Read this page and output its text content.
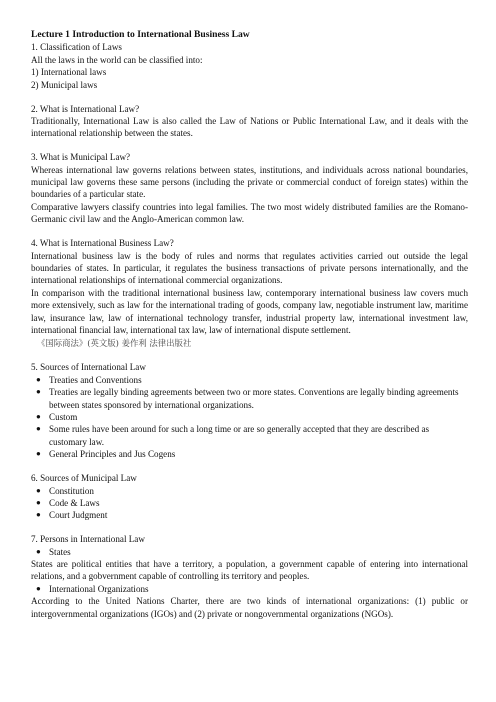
Lecture 1 Introduction to International Business Law
1. Classification of Laws

All the laws in the world can be classified into:

1) International laws

2) Municipal laws

2. What is International Law?

Traditionally, International Law is also called the Law of Nations or Public International Law, and it deals with the international relationship between the states.

3. What is Municipal Law?

Whereas international law governs relations between states, institutions, and individuals across national boundaries, municipal law governs these same persons (including the private or commercial conduct of foreign states) within the boundaries of a particular state.

Comparative lawyers classify countries into legal families. The two most widely distributed families are the Romano-Germanic civil law and the Anglo-American common law.

4. What is International Business Law?

International business law is the body of rules and norms that regulates activities carried out outside the legal boundaries of states. In particular, it regulates the business transactions of private persons internationally, and the international relationships of international commercial organizations.

In comparison with the traditional international business law, contemporary international business law covers much more extensively, such as law for the international trading of goods, company law, negotiable instrument law, maritime law, insurance law, law of international technology transfer, industrial property law, international investment law, international financial law, international tax law, law of international dispute settlement.

《国际商法》(英文版) 姜作利 法律出版社
5. Sources of International Law
● Treaties and Conventions
● Treaties are legally binding agreements between two or more states. Conventions are legally binding agreements between states sponsored by international organizations.
● Custom
● Some rules have been around for such a long time or are so generally accepted that they are described as customary law.
● General Principles and Jus Cogens
6. Sources of Municipal Law
● Constitution
● Code & Laws
● Court Judgment
7. Persons in International Law
● States

States are political entities that have a territory, a population, a government capable of entering into international relations, and a gobvernment capable of controlling its territory and peoples.

● International Organizations

According to the United Nations Charter, there are two kinds of international organizations: (1) public or intergovernmental organizations (IGOs) and (2) private or nongovernmental organizations (NGOs).
